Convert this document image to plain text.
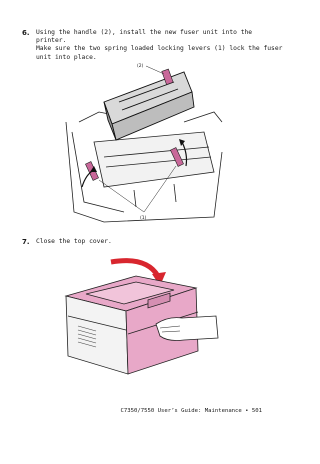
6. Using the handle (2), install the new fuser unit into the printer.
Make sure the two spring loaded locking levers (1) lock the fuser
unit into place.
(2)
(1)
7. Close the top cover.
C7350/7550 User’s Guide: Maintenance • 501
